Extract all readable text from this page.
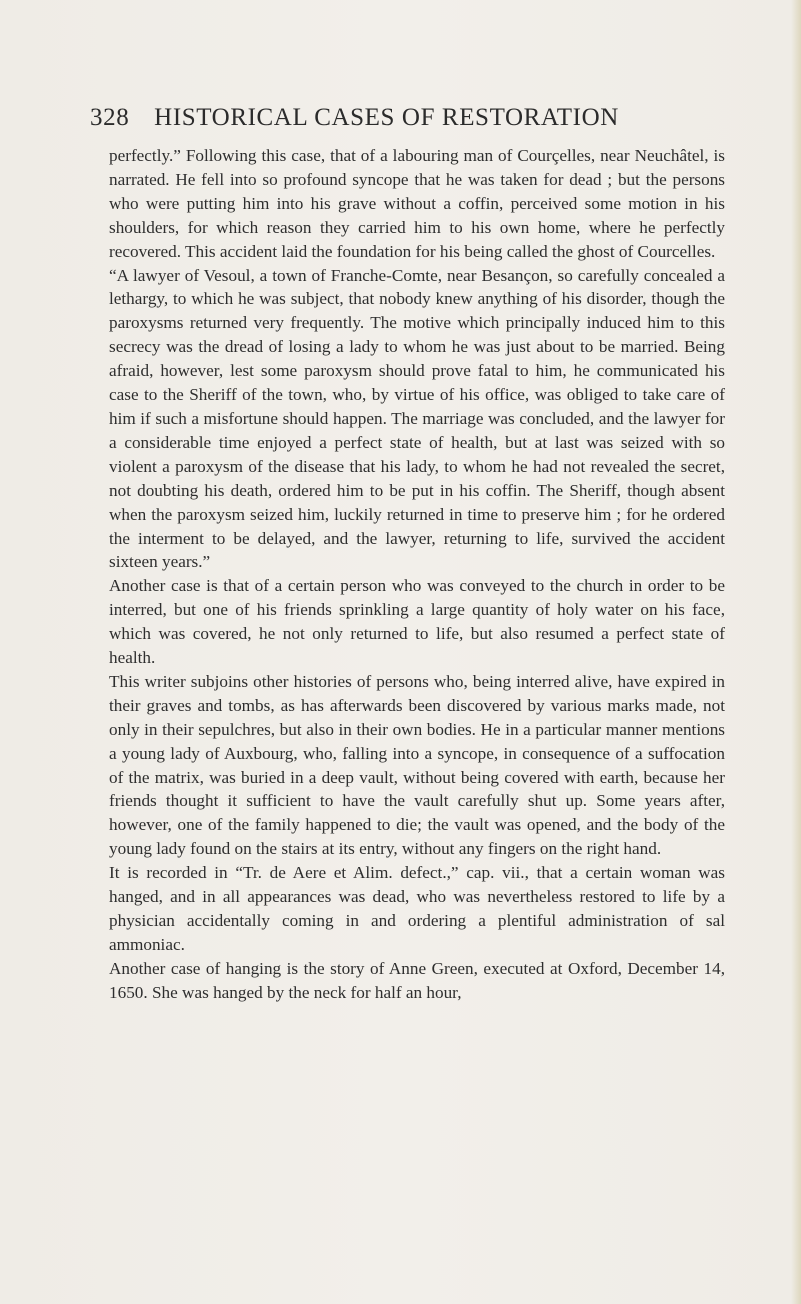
328 HISTORICAL CASES OF RESTORATION

perfectly.” Following this case, that of a labouring man of Courçelles, near Neuchâtel, is narrated. He fell into so profound syncope that he was taken for dead ; but the persons who were putting him into his grave without a coffin, perceived some motion in his shoulders, for which reason they carried him to his own home, where he perfectly recovered. This accident laid the foundation for his being called the ghost of Courcelles.

“A lawyer of Vesoul, a town of Franche-Comte, near Besançon, so carefully concealed a lethargy, to which he was subject, that nobody knew anything of his disorder, though the paroxysms returned very frequently. The motive which principally induced him to this secrecy was the dread of losing a lady to whom he was just about to be married. Being afraid, however, lest some paroxysm should prove fatal to him, he communicated his case to the Sheriff of the town, who, by virtue of his office, was obliged to take care of him if such a misfortune should happen. The marriage was concluded, and the lawyer for a considerable time enjoyed a perfect state of health, but at last was seized with so violent a paroxysm of the disease that his lady, to whom he had not revealed the secret, not doubting his death, ordered him to be put in his coffin. The Sheriff, though absent when the paroxysm seized him, luckily returned in time to preserve him ; for he ordered the interment to be delayed, and the lawyer, returning to life, survived the accident sixteen years.”

Another case is that of a certain person who was conveyed to the church in order to be interred, but one of his friends sprinkling a large quantity of holy water on his face, which was covered, he not only returned to life, but also resumed a perfect state of health.

This writer subjoins other histories of persons who, being interred alive, have expired in their graves and tombs, as has afterwards been discovered by various marks made, not only in their sepulchres, but also in their own bodies. He in a particular manner mentions a young lady of Auxbourg, who, falling into a syncope, in consequence of a suffocation of the matrix, was buried in a deep vault, without being covered with earth, because her friends thought it sufficient to have the vault carefully shut up. Some years after, however, one of the family happened to die; the vault was opened, and the body of the young lady found on the stairs at its entry, without any fingers on the right hand.

It is recorded in “Tr. de Aere et Alim. defect.,” cap. vii., that a certain woman was hanged, and in all appearances was dead, who was nevertheless restored to life by a physician accidentally coming in and ordering a plentiful administration of sal ammoniac.

Another case of hanging is the story of Anne Green, executed at Oxford, December 14, 1650. She was hanged by the neck for half an hour,
